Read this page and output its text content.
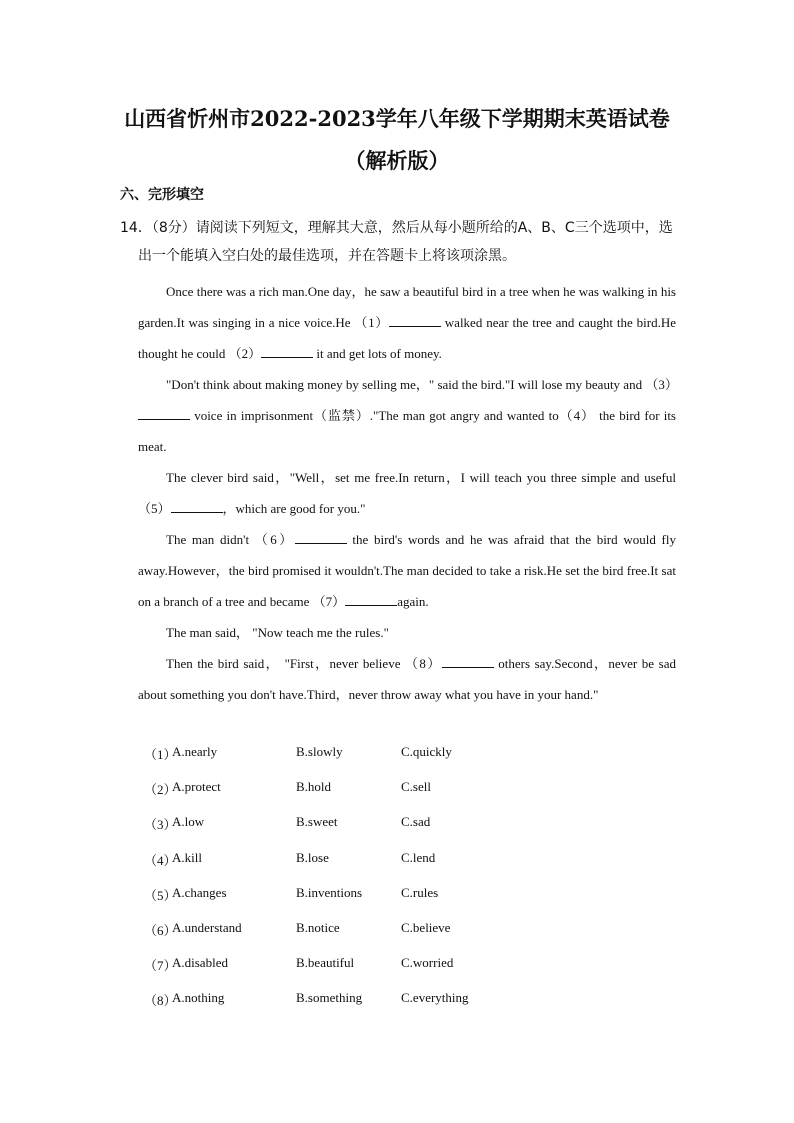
山西省忻州市2022-2023学年八年级下学期期末英语试卷（解析版）
六、完形填空
14．（8分）请阅读下列短文，理解其大意，然后从每小题所给的A、B、C三个选项中，选
出一个能填入空白处的最佳选项，并在答题卡上将该项涂黑。

Once there was a rich man.One day，he saw a beautiful bird in a tree when he was walking in his garden.It was singing in a nice voice.He （1）	walked near the tree and caught the bird.He thought he could （2）	it and get lots of money.

"Don't think about making money by selling me，" said the bird."I will lose my beauty and （3） voice in imprisonment（监禁）."The man got angry and wanted to（4） the bird for its meat.

The clever bird said，"Well，set me free.In return，I will teach you three simple and useful （5）	，which are good for you."

The man didn't （6）	the bird's words and he was afraid that the bird would fly away.However，the bird promised it wouldn't.The man decided to take a risk.He set the bird free.It sat on a branch of a tree and became （7）	again.

The man said， "Now teach me the rules."

Then the bird said， "First，never believe （8）	others say.Second，never be sad about something you don't have.Third，never throw away what you have in your hand."

（1）
A.nearly	B.slowly	C.quickly
（2）
A.protect	B.hold	C.sell
（3）
A.low	B.sweet	C.sad
（4）
A.kill	B.lose	C.lend
（5）
A.changes	B.inventions	C.rules
（6）
A.understand	B.notice	C.believe
（7）
A.disabled	B.beautiful	C.worried
（8）
A.nothing	B.something	C.everything
